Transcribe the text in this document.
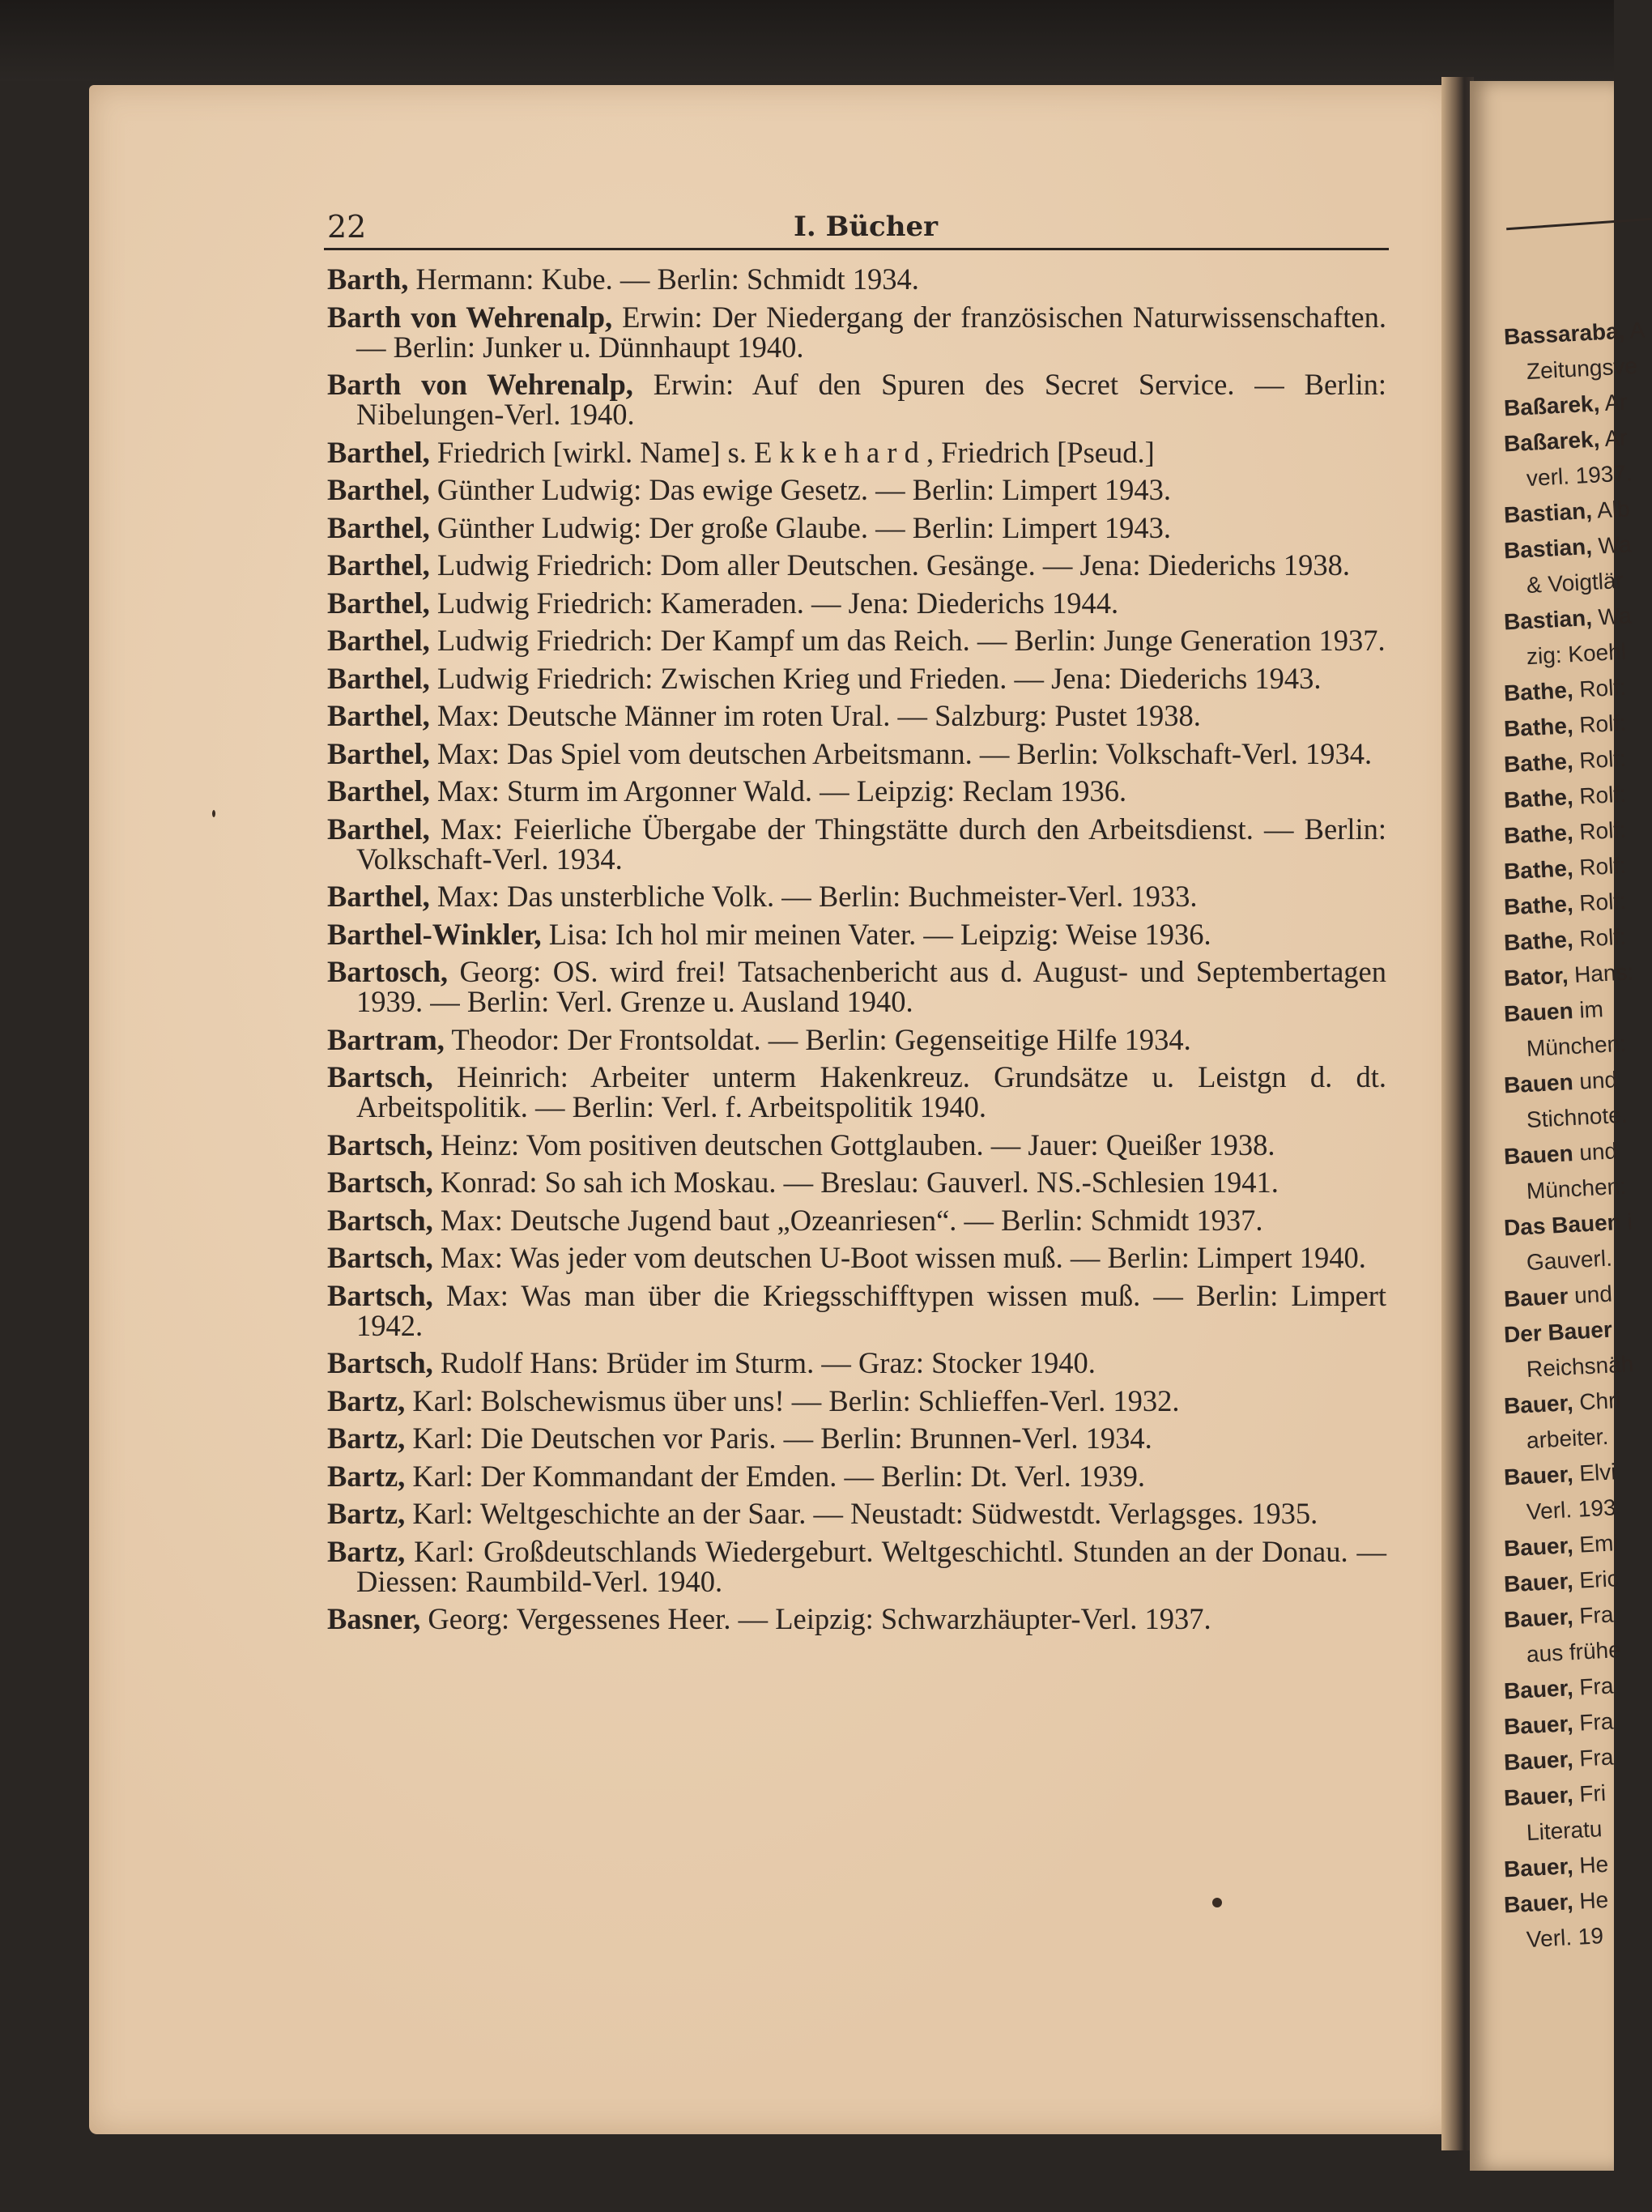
Bassaraba, A
Zeitungsve
Baßarek, Ar
Baßarek, Ar
verl. 1937.
Bastian, Alb
Bastian, Wa
& Voigtlär
Bastian, Wa
zig: Koehl
Bathe, Rolf:
Bathe, Rolf:
Bathe, Rolf:
Bathe, Rolf:
Bathe, Rolf:
Bathe, Rolf:
Bathe, Rolf:
Bathe, Rolf:
Bator, Hans:
Bauen im
München:
Bauen und
Stichnote.
Bauen und
München:
Das Bauen i
Gauverl.
Bauer und
Der Bauer
Reichsnäh
Bauer, Chri
arbeiter.
Bauer, Elvi
Verl. 193
Bauer, Emi
Bauer, Eric
Bauer, Fra
aus frühe
Bauer, Fra
Bauer, Fra
Bauer, Fra
Bauer, Fri
Literatu
Bauer, He
Bauer, He
Verl. 19
22	I. Bücher
Barth, Hermann: Kube. — Berlin: Schmidt 1934.
Barth von Wehrenalp, Erwin: Der Niedergang der französischen Naturwissenschaften. — Berlin: Junker u. Dünnhaupt 1940.
Barth von Wehrenalp, Erwin: Auf den Spuren des Secret Service. — Berlin: Nibelungen-Verl. 1940.
Barthel, Friedrich [wirkl. Name] s. E k k e h a r d , Friedrich [Pseud.]
Barthel, Günther Ludwig: Das ewige Gesetz. — Berlin: Limpert 1943.
Barthel, Günther Ludwig: Der große Glaube. — Berlin: Limpert 1943.
Barthel, Ludwig Friedrich: Dom aller Deutschen. Gesänge. — Jena: Diederichs 1938.
Barthel, Ludwig Friedrich: Kameraden. — Jena: Diederichs 1944.
Barthel, Ludwig Friedrich: Der Kampf um das Reich. — Berlin: Junge Generation 1937.
Barthel, Ludwig Friedrich: Zwischen Krieg und Frieden. — Jena: Diederichs 1943.
Barthel, Max: Deutsche Männer im roten Ural. — Salzburg: Pustet 1938.
Barthel, Max: Das Spiel vom deutschen Arbeitsmann. — Berlin: Volkschaft-Verl. 1934.
Barthel, Max: Sturm im Argonner Wald. — Leipzig: Reclam 1936.
Barthel, Max: Feierliche Übergabe der Thingstätte durch den Arbeitsdienst. — Berlin: Volkschaft-Verl. 1934.
Barthel, Max: Das unsterbliche Volk. — Berlin: Buchmeister-Verl. 1933.
Barthel-Winkler, Lisa: Ich hol mir meinen Vater. — Leipzig: Weise 1936.
Bartosch, Georg: OS. wird frei! Tatsachenbericht aus d. August- und Septembertagen 1939. — Berlin: Verl. Grenze u. Ausland 1940.
Bartram, Theodor: Der Frontsoldat. — Berlin: Gegenseitige Hilfe 1934.
Bartsch, Heinrich: Arbeiter unterm Hakenkreuz. Grundsätze u. Leistgn d. dt. Arbeitspolitik. — Berlin: Verl. f. Arbeitspolitik 1940.
Bartsch, Heinz: Vom positiven deutschen Gottglauben. — Jauer: Queißer 1938.
Bartsch, Konrad: So sah ich Moskau. — Breslau: Gauverl. NS.-Schlesien 1941.
Bartsch, Max: Deutsche Jugend baut „Ozeanriesen“. — Berlin: Schmidt 1937.
Bartsch, Max: Was jeder vom deutschen U-Boot wissen muß. — Berlin: Limpert 1940.
Bartsch, Max: Was man über die Kriegsschifftypen wissen muß. — Berlin: Limpert 1942.
Bartsch, Rudolf Hans: Brüder im Sturm. — Graz: Stocker 1940.
Bartz, Karl: Bolschewismus über uns! — Berlin: Schlieffen-Verl. 1932.
Bartz, Karl: Die Deutschen vor Paris. — Berlin: Brunnen-Verl. 1934.
Bartz, Karl: Der Kommandant der Emden. — Berlin: Dt. Verl. 1939.
Bartz, Karl: Weltgeschichte an der Saar. — Neustadt: Südwestdt. Verlagsges. 1935.
Bartz, Karl: Großdeutschlands Wiedergeburt. Weltgeschichtl. Stunden an der Donau. — Diessen: Raumbild-Verl. 1940.
Basner, Georg: Vergessenes Heer. — Leipzig: Schwarzhäupter-Verl. 1937.
